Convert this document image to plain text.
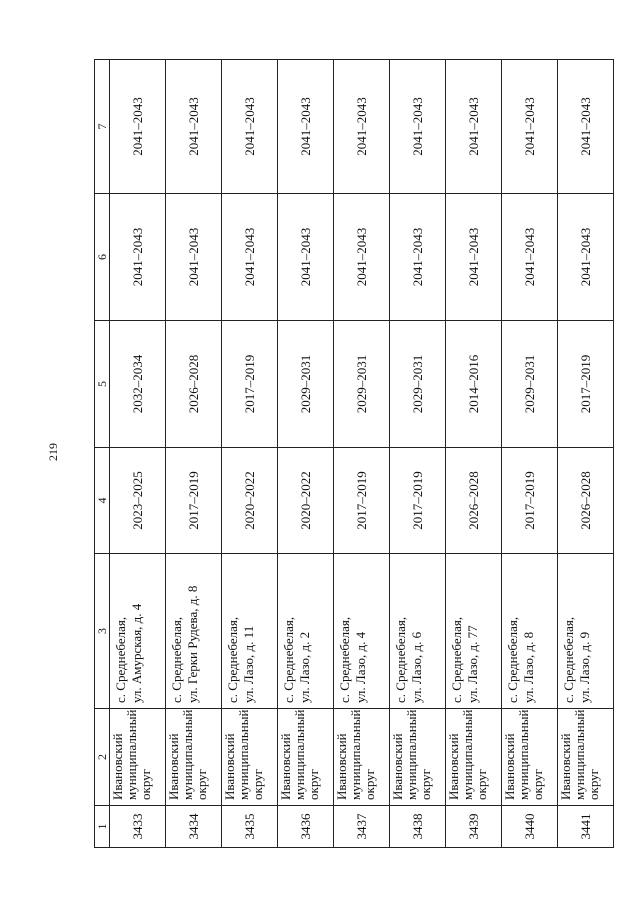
219
1	2	3	4	5	6	7
3433	Ивановский муниципальный округ	с. Среднебелая, ул. Амурская, д. 4	2023–2025	2032–2034	2041–2043	2041–2043
3434	Ивановский муниципальный округ	с. Среднебелая, ул. Герки Рудева, д. 8	2017–2019	2026–2028	2041–2043	2041–2043
3435	Ивановский муниципальный округ	с. Среднебелая, ул. Лазо, д. 11	2020–2022	2017–2019	2041–2043	2041–2043
3436	Ивановский муниципальный округ	с. Среднебелая, ул. Лазо, д. 2	2020–2022	2029–2031	2041–2043	2041–2043
3437	Ивановский муниципальный округ	с. Среднебелая, ул. Лазо, д. 4	2017–2019	2029–2031	2041–2043	2041–2043
3438	Ивановский муниципальный округ	с. Среднебелая, ул. Лазо, д. 6	2017–2019	2029–2031	2041–2043	2041–2043
3439	Ивановский муниципальный округ	с. Среднебелая, ул. Лазо, д. 77	2026–2028	2014–2016	2041–2043	2041–2043
3440	Ивановский муниципальный округ	с. Среднебелая, ул. Лазо, д. 8	2017–2019	2029–2031	2041–2043	2041–2043
3441	Ивановский муниципальный округ	с. Среднебелая, ул. Лазо, д. 9	2026–2028	2017–2019	2041–2043	2041–2043
